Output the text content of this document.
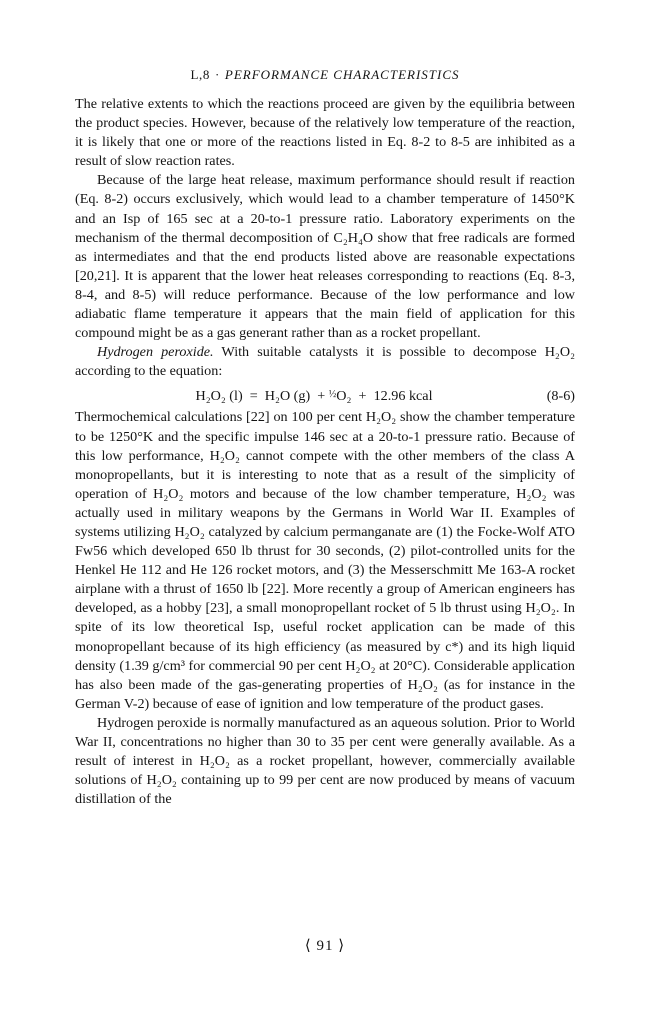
L,8 · PERFORMANCE CHARACTERISTICS

The relative extents to which the reactions proceed are given by the equilibria between the product species. However, because of the relatively low temperature of the reaction, it is likely that one or more of the reactions listed in Eq. 8-2 to 8-5 are inhibited as a result of slow reaction rates.

Because of the large heat release, maximum performance should result if reaction (Eq. 8-2) occurs exclusively, which would lead to a chamber temperature of 1450°K and an Isp of 165 sec at a 20-to-1 pressure ratio. Laboratory experiments on the mechanism of the thermal decomposition of C₂H₄O show that free radicals are formed as intermediates and that the end products listed above are reasonable expectations [20,21]. It is apparent that the lower heat releases corresponding to reactions (Eq. 8-3, 8-4, and 8-5) will reduce performance. Because of the low performance and low adiabatic flame temperature it appears that the main field of application for this compound might be as a gas generant rather than as a rocket propellant.

Hydrogen peroxide. With suitable catalysts it is possible to decompose H₂O₂ according to the equation:

H₂O₂ (l) = H₂O (g) + $^{\frac{1}{2}}$O₂ + 12.96 kcal	(8-6)

Thermochemical calculations [22] on 100 per cent H₂O₂ show the chamber temperature to be 1250°K and the specific impulse 146 sec at a 20-to-1 pressure ratio. Because of this low performance, H₂O₂ cannot compete with the other members of the class A monopropellants, but it is interesting to note that as a result of the simplicity of operation of H₂O₂ motors and because of the low chamber temperature, H₂O₂ was actually used in military weapons by the Germans in World War II. Examples of systems utilizing H₂O₂ catalyzed by calcium permanganate are (1) the Focke-Wolf ATO Fw56 which developed 650 lb thrust for 30 seconds, (2) pilot-controlled units for the Henkel He 112 and He 126 rocket motors, and (3) the Messerschmitt Me 163-A rocket airplane with a thrust of 1650 lb [22]. More recently a group of American engineers has developed, as a hobby [23], a small monopropellant rocket of 5 lb thrust using H₂O₂. In spite of its low theoretical Isp, useful rocket application can be made of this monopropellant because of its high efficiency (as measured by c*) and its high liquid density (1.39 g/cm³ for commercial 90 per cent H₂O₂ at 20°C). Considerable application has also been made of the gas-generating properties of H₂O₂ (as for instance in the German V-2) because of ease of ignition and low temperature of the product gases.

Hydrogen peroxide is normally manufactured as an aqueous solution. Prior to World War II, concentrations no higher than 30 to 35 per cent were generally available. As a result of interest in H₂O₂ as a rocket propellant, however, commercially available solutions of H₂O₂ containing up to 99 per cent are now produced by means of vacuum distillation of the

⟨ 91 ⟩
